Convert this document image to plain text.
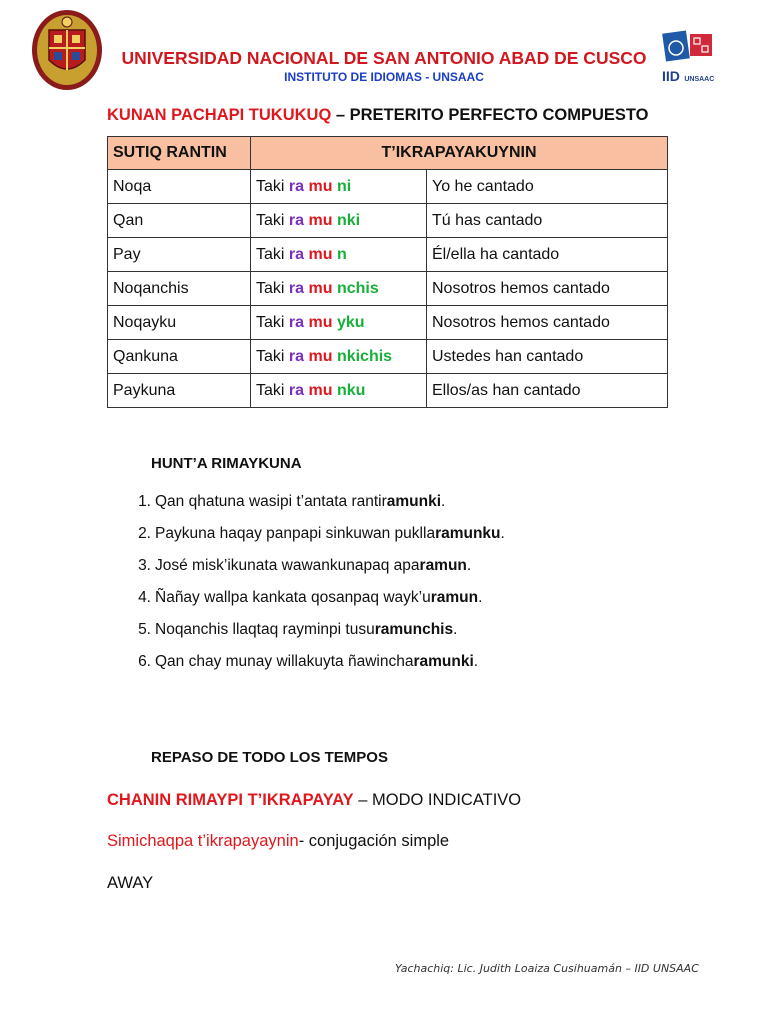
IID UNSAAC
UNIVERSIDAD NACIONAL DE SAN ANTONIO ABAD DE CUSCO
INSTITUTO DE IDIOMAS - UNSAAC
KUNAN PACHAPI TUKUKUQ – PRETERITO PERFECTO COMPUESTO
SUTIQ RANTIN	T’IKRAPAYAKUYNIN	
Noqa	Taki ra mu ni	Yo he cantado
Qan	Taki ra mu nki	Tú has cantado
Pay	Taki ra mu n	Él/ella ha cantado
Noqanchis	Taki ra mu nchis	Nosotros hemos cantado
Noqayku	Taki ra mu yku	Nosotros hemos cantado
Qankuna	Taki ra mu nkichis	Ustedes han cantado
Paykuna	Taki ra mu nku	Ellos/as han cantado
HUNT’A RIMAYKUNA
1. Qan qhatuna wasipi t’antata rantiramunki.
2. Paykuna haqay panpapi sinkuwan pukllaramunku.
3. José misk’ikunata wawankunapaq aparamun.
4. Ñañay wallpa kankata qosanpaq wayk’uramun.
5. Noqanchis llaqtaq rayminpi tusuramunchis.
6. Qan chay munay willakuyta ñawincharamunki.
REPASO DE TODO LOS TEMPOS
CHANIN RIMAYPI T’IKRAPAYAY – MODO INDICATIVO
Simichaqpa t’ikrapayaynin- conjugación simple
AWAY
Yachachiq: Lic. Judith Loaiza Cusihuamán – IID UNSAAC
